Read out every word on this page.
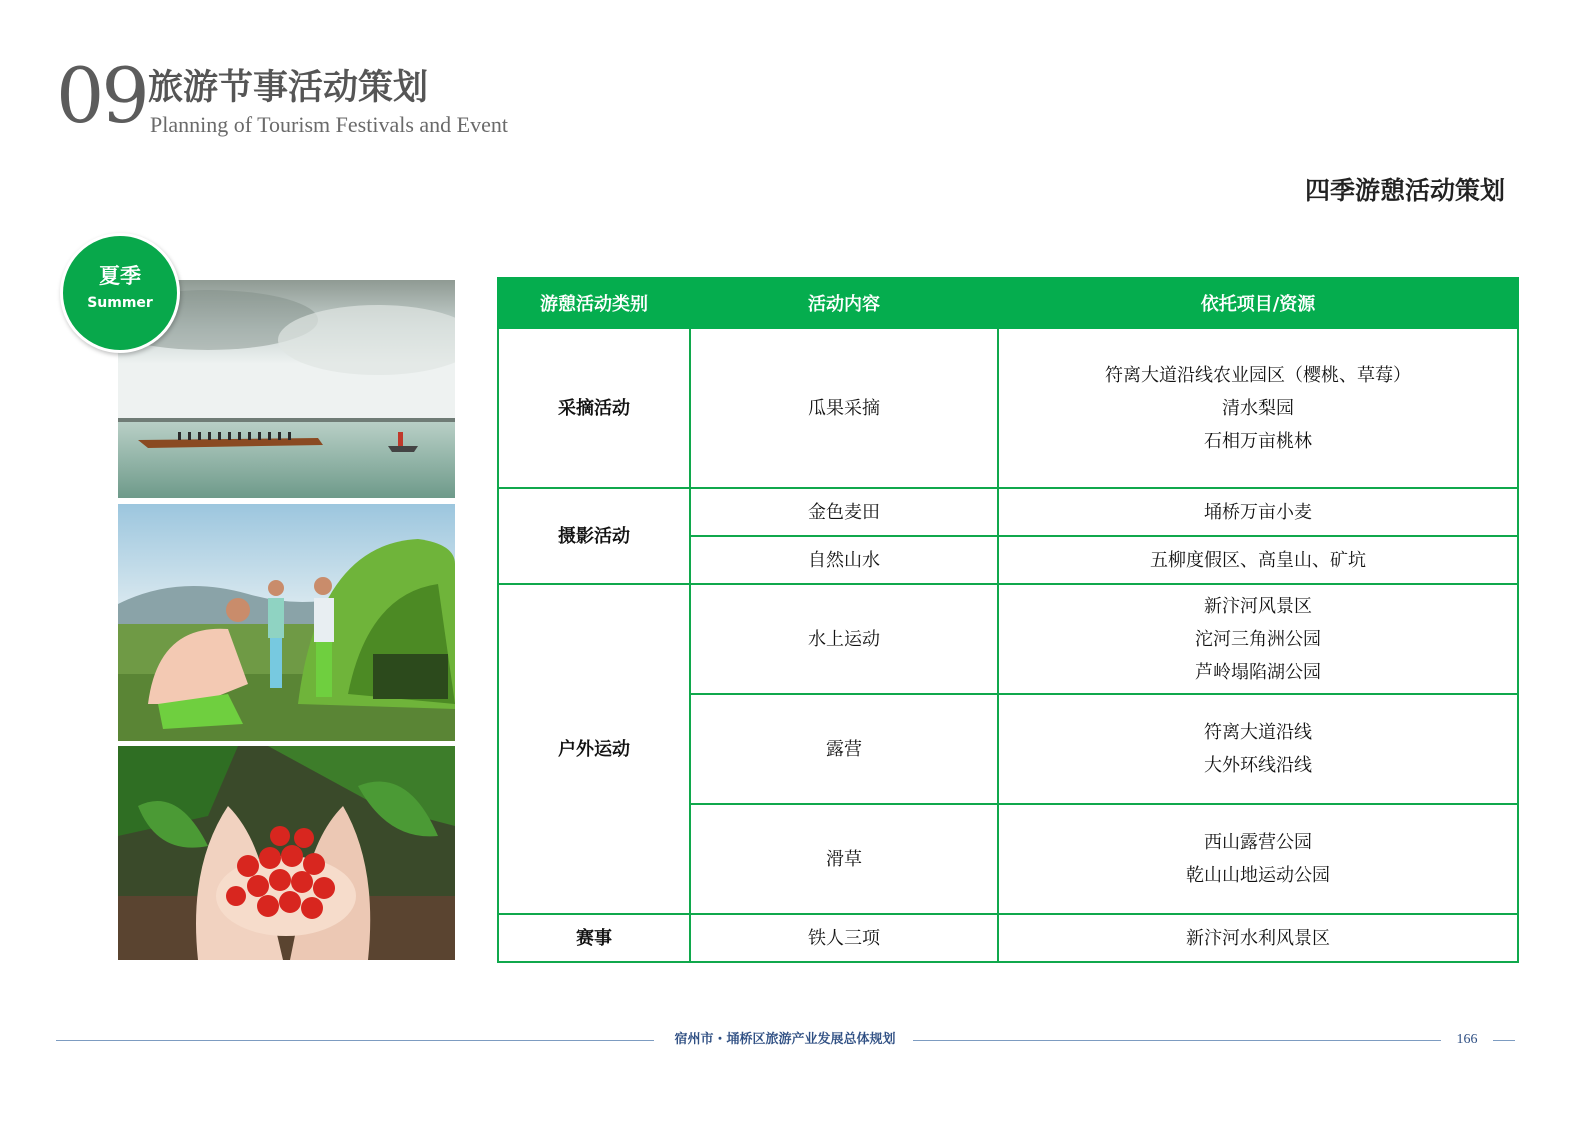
09 旅游节事活动策划
Planning of Tourism Festivals and Event
四季游憩活动策划
夏季
Summer	游憩活动类别	活动内容	依托项目/资源
采摘活动	瓜果采摘	符离大道沿线农业园区（樱桃、草莓）
清水梨园
石相万亩桃林

摄影活动	金色麦田	埇桥万亩小麦

	自然山水	五柳度假区、高皇山、矿坑

户外运动	水上运动	新汴河风景区
沱河三角洲公园
芦岭塌陷湖公园

	露营	符离大道沿线
大外环线沿线

	滑草	西山露营公园
乾山山地运动公园

赛事	铁人三项	新汴河水利风景区
宿州市・埇桥区旅游产业发展总体规划	166
